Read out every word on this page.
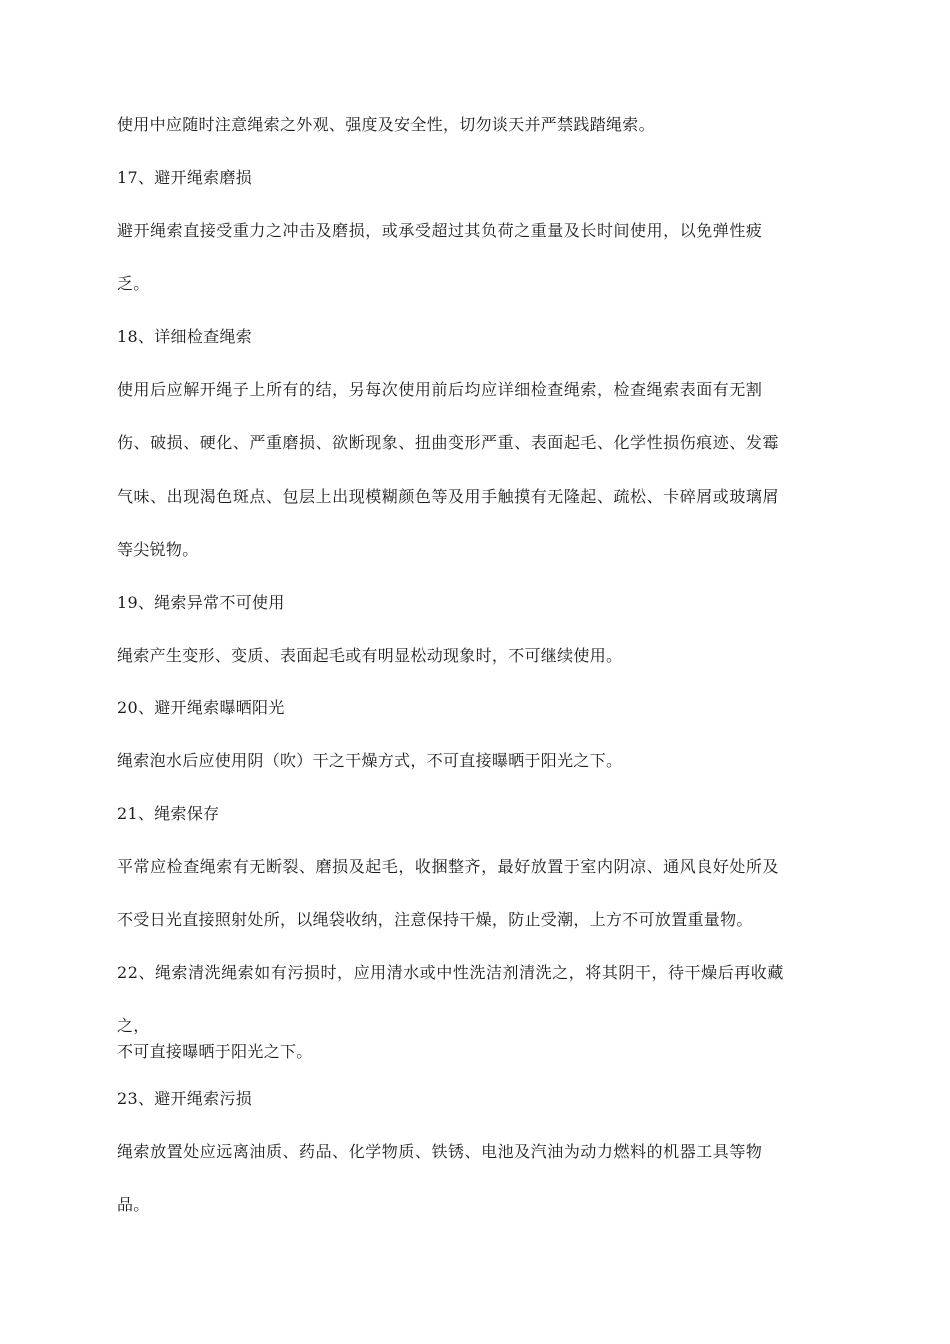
使用中应随时注意绳索之外观、强度及安全性，切勿谈天并严禁践踏绳索。
17、避开绳索磨损
避开绳索直接受重力之冲击及磨损，或承受超过其负荷之重量及长时间使用，以免弹性疲
乏。
18、详细检查绳索
使用后应解开绳子上所有的结，另每次使用前后均应详细检查绳索，检查绳索表面有无割
伤、破损、硬化、严重磨损、欲断现象、扭曲变形严重、表面起毛、化学性损伤痕迹、发霉
气味、出现渴色斑点、包层上出现模糊颜色等及用手触摸有无隆起、疏松、卡碎屑或玻璃屑
等尖锐物。
19、绳索异常不可使用
绳索产生变形、变质、表面起毛或有明显松动现象时，不可继续使用。
20、避开绳索曝晒阳光
绳索泡水后应使用阴（吹）干之干燥方式，不可直接曝晒于阳光之下。
21、绳索保存
平常应检查绳索有无断裂、磨损及起毛，收捆整齐，最好放置于室内阴凉、通风良好处所及
不受日光直接照射处所，以绳袋收纳，注意保持干燥，防止受潮，上方不可放置重量物。
22、绳索清洗绳索如有污损时，应用清水或中性洗洁剂清洗之，将其阴干，待干燥后再收藏
之，
不可直接曝晒于阳光之下。
23、避开绳索污损
绳索放置处应远离油质、药品、化学物质、铁锈、电池及汽油为动力燃料的机器工具等物
品。
